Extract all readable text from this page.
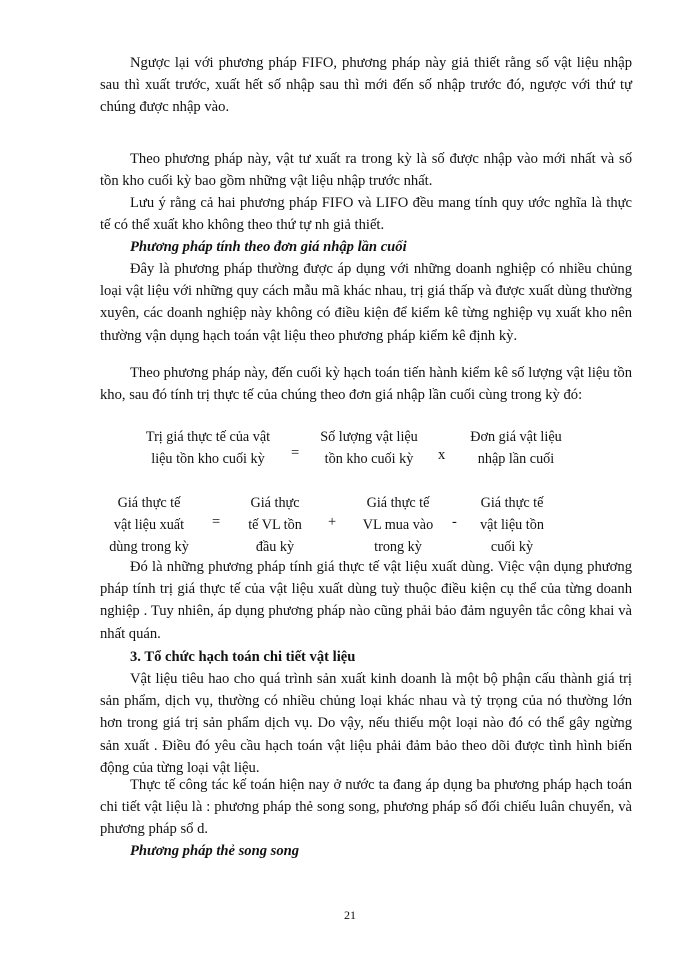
Ngược lại với phương pháp FIFO, phương pháp này giả thiết rằng số vật liệu nhập sau thì xuất trước, xuất hết số nhập sau thì mới đến số nhập trước đó, ngược với thứ tự chúng được nhập vào.

Theo phương pháp này, vật tư xuất ra trong kỳ là số được nhập vào mới nhất và số tồn kho cuối kỳ bao gồm những vật liệu nhập trước nhất.

Lưu ý rằng cả hai phương pháp FIFO và LIFO đều mang tính quy ước nghĩa là thực tế có thể xuất kho không theo thứ tự nh giả thiết.

Phương pháp tính theo đơn giá nhập lần cuối

Đây là phương pháp thường được áp dụng với những doanh nghiệp có nhiều chủng loại vật liệu với những quy cách mẫu mã khác nhau, trị giá thấp và được xuất dùng thường xuyên, các doanh nghiệp này không có điều kiện để kiểm kê từng nghiệp vụ xuất kho nên thường vận dụng hạch toán vật liệu theo phương pháp kiểm kê định kỳ.

Theo phương pháp này, đến cuối kỳ hạch toán tiến hành kiểm kê số lượng vật liệu tồn kho, sau đó tính trị thực tế của chúng theo đơn giá nhập lần cuối cùng trong kỳ đó:

Trị giá thực tế của vật
liệu tồn kho cuối kỳ	=
Số lượng vật liệu
tồn kho cuối kỳ	x
Đơn giá vật liệu
nhập lần cuối
Giá thực tế
vật liệu xuất
dùng trong kỳ
=
Giá thực
tế VL tồn
đầu kỳ
+
Giá thực tế
VL mua vào
trong kỳ
-
Giá thực tế
vật liệu tồn
cuối kỳ

Đó là những phương pháp tính giá thực tế vật liệu xuất dùng. Việc vận dụng phương pháp tính trị giá thực tế của vật liệu xuất dùng tuỳ thuộc điều kiện cụ thể của từng doanh nghiệp . Tuy nhiên, áp dụng phương pháp nào cũng phải bảo đảm nguyên tắc công khai và nhất quán.

3. Tổ chức hạch toán chi tiết vật liệu

Vật liệu tiêu hao cho quá trình sản xuất kinh doanh là một bộ phận cấu thành giá trị sản phẩm, dịch vụ, thường có nhiều chủng loại khác nhau và tỷ trọng của nó thường lớn hơn trong giá trị sản phẩm dịch vụ. Do vậy, nếu thiếu một loại nào đó có thể gây ngừng sản xuất . Điều đó yêu cầu hạch toán vật liệu phải đảm bảo theo dõi được tình hình biến động của từng loại vật liệu.

Thực tế công tác kế toán hiện nay ở nước ta đang áp dụng ba phương pháp hạch toán chi tiết vật liệu là : phương pháp thẻ song song, phương pháp sổ đối chiếu luân chuyển, và phương pháp sổ d.

Phương pháp thẻ song song

21
